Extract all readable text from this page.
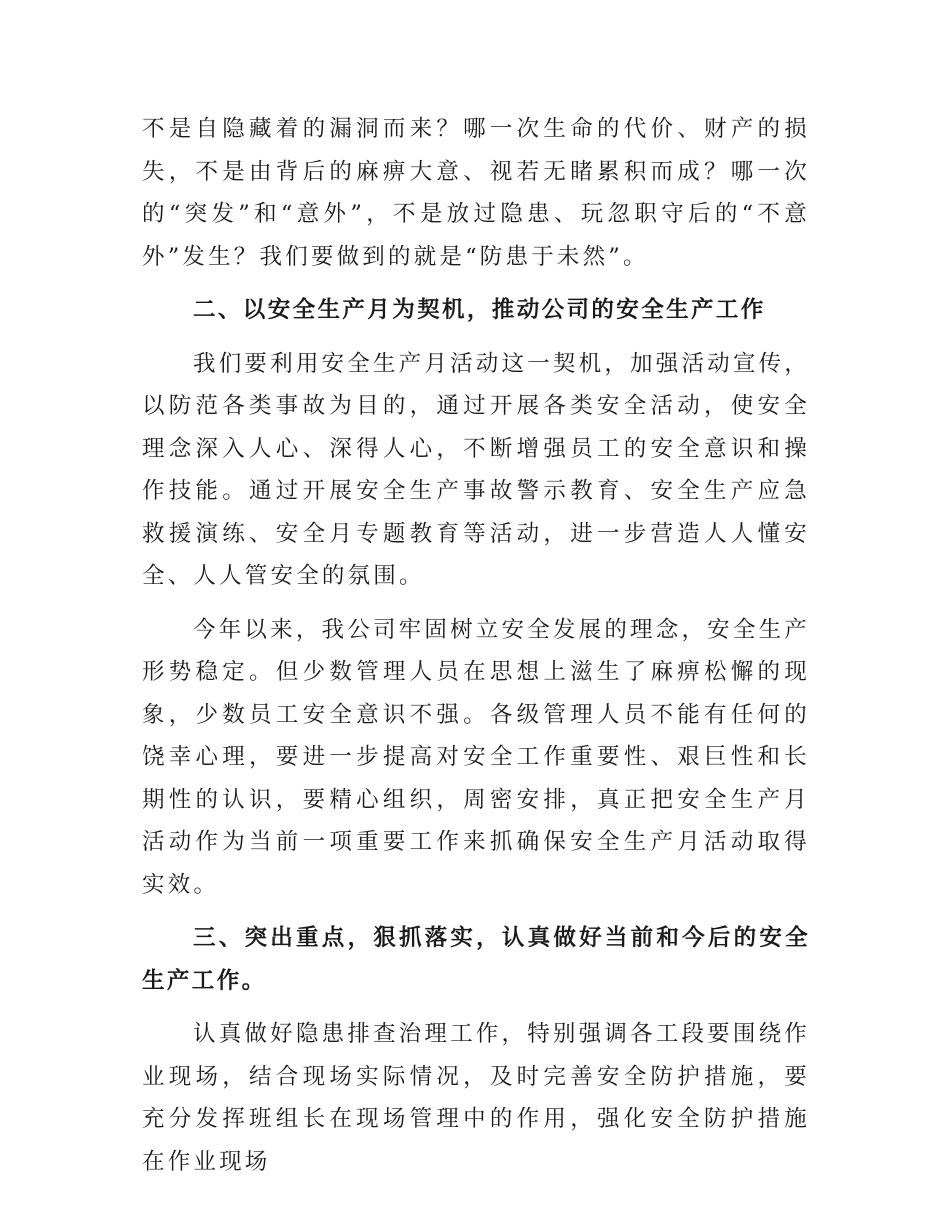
不是自隐藏着的漏洞而来？哪一次生命的代价、财产的损失，不是由背后的麻痹大意、视若无睹累积而成？哪一次的“突发”和“意外”，不是放过隐患、玩忽职守后的“不意外”发生？我们要做到的就是“防患于未然”。

二、以安全生产月为契机，推动公司的安全生产工作

我们要利用安全生产月活动这一契机，加强活动宣传，以防范各类事故为目的，通过开展各类安全活动，使安全理念深入人心、深得人心，不断增强员工的安全意识和操作技能。通过开展安全生产事故警示教育、安全生产应急救援演练、安全月专题教育等活动，进一步营造人人懂安全、人人管安全的氛围。

今年以来，我公司牢固树立安全发展的理念，安全生产形势稳定。但少数管理人员在思想上滋生了麻痹松懈的现象，少数员工安全意识不强。各级管理人员不能有任何的饶幸心理，要进一步提高对安全工作重要性、艰巨性和长期性的认识，要精心组织，周密安排，真正把安全生产月活动作为当前一项重要工作来抓确保安全生产月活动取得实效。

三、突出重点，狠抓落实，认真做好当前和今后的安全生产工作。

认真做好隐患排查治理工作，特别强调各工段要围绕作业现场，结合现场实际情况，及时完善安全防护措施，要充分发挥班组长在现场管理中的作用，强化安全防护措施在作业现场
